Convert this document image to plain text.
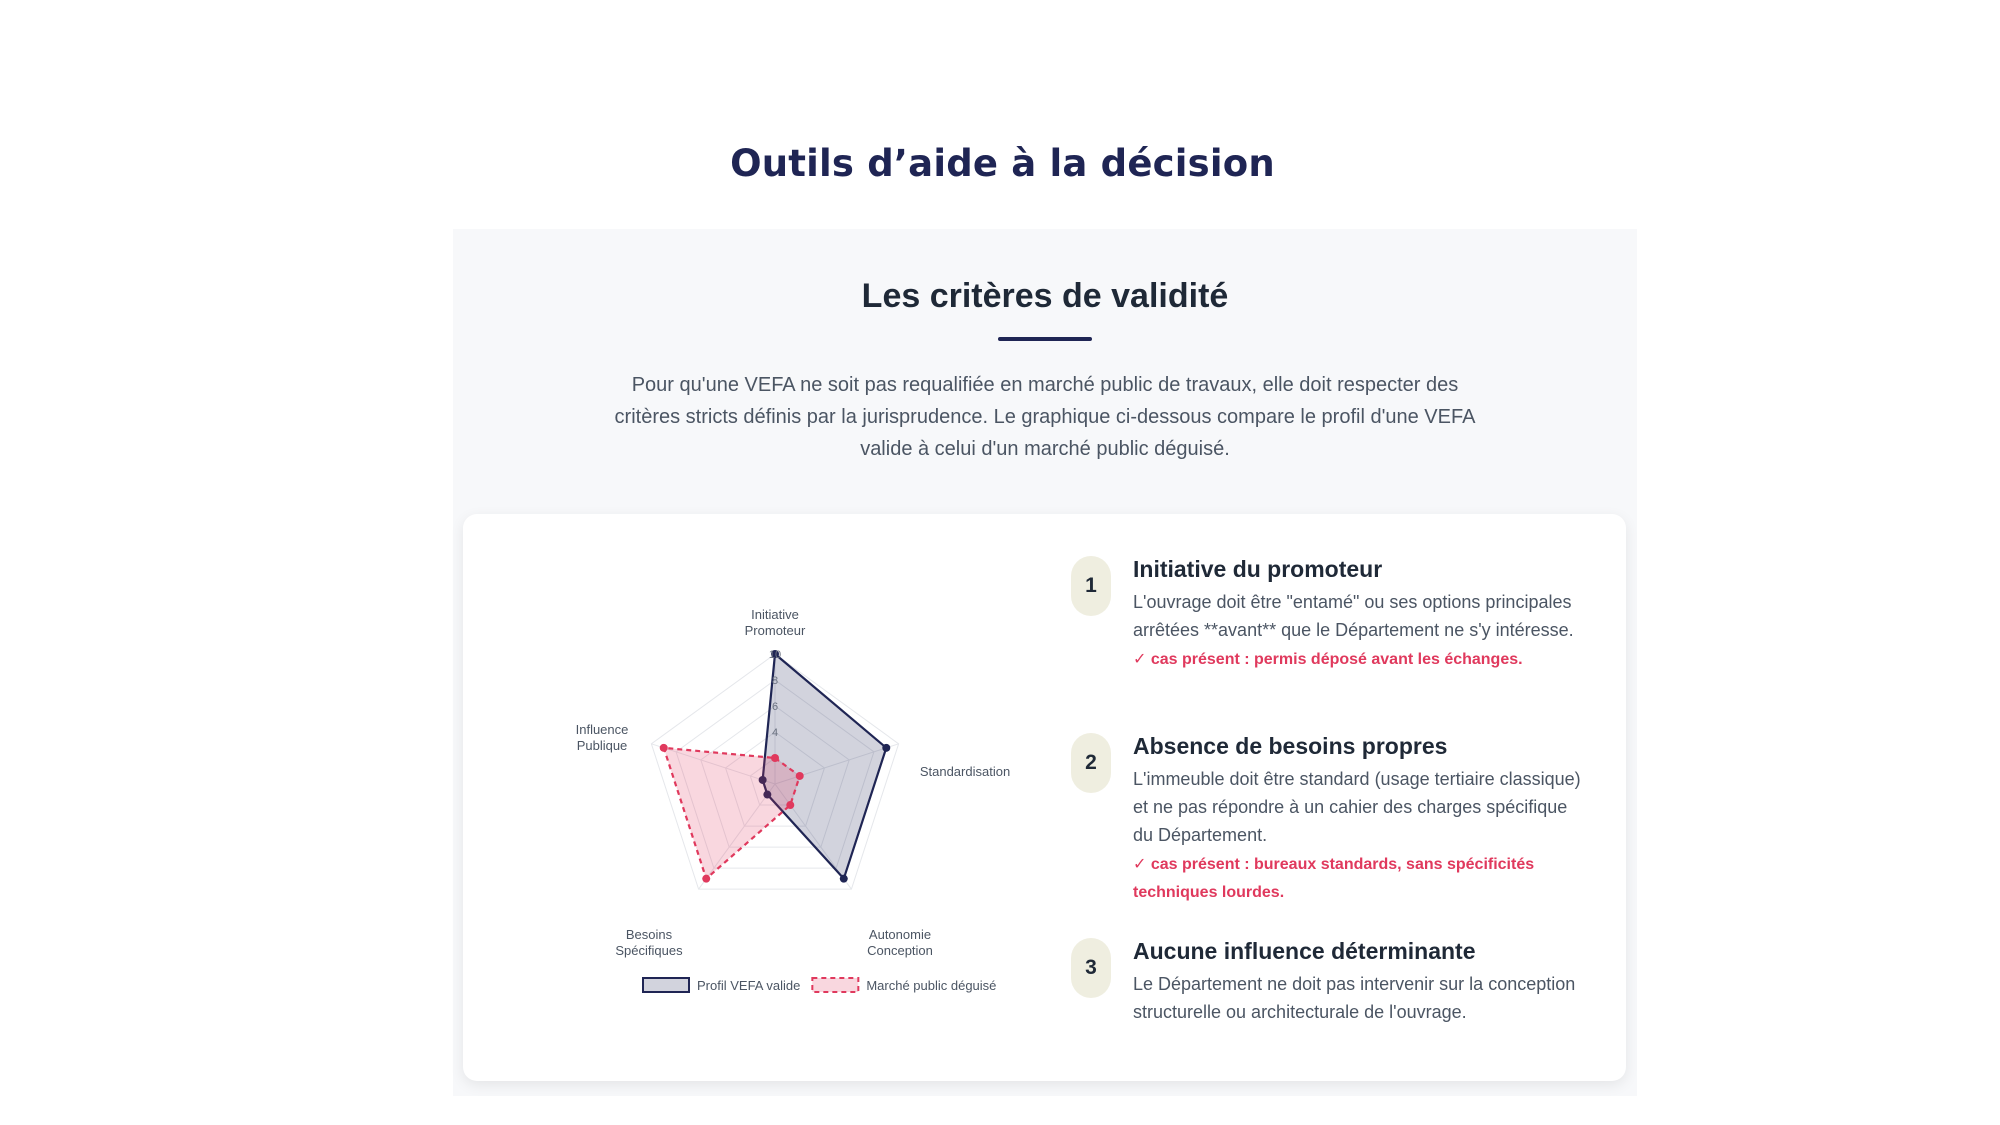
Outils d’aide à la décision
Les critères de validité

Pour qu'une VEFA ne soit pas requalifiée en marché public de travaux, elle doit respecter des critères stricts définis par la jurisprudence. Le graphique ci-dessous compare le profil d'une VEFA valide à celui d'un marché public déguisé.

4
6
8
10
Initiative Promoteur
Standardisation
Autonomie Conception
Besoins Spécifiques
Influence Publique
Profil VEFA valide	Marché public déguisé
1
Initiative du promoteur

L'ouvrage doit être "entamé" ou ses options principales arrêtées **avant** que le Département ne s'y intéresse.

✓ cas présent : permis déposé avant les échanges.

2
Absence de besoins propres

L'immeuble doit être standard (usage tertiaire classique) et ne pas répondre à un cahier des charges spécifique du Département.

✓ cas présent : bureaux standards, sans spécificités techniques lourdes.

3
Aucune influence déterminante

Le Département ne doit pas intervenir sur la conception structurelle ou architecturale de l'ouvrage.
